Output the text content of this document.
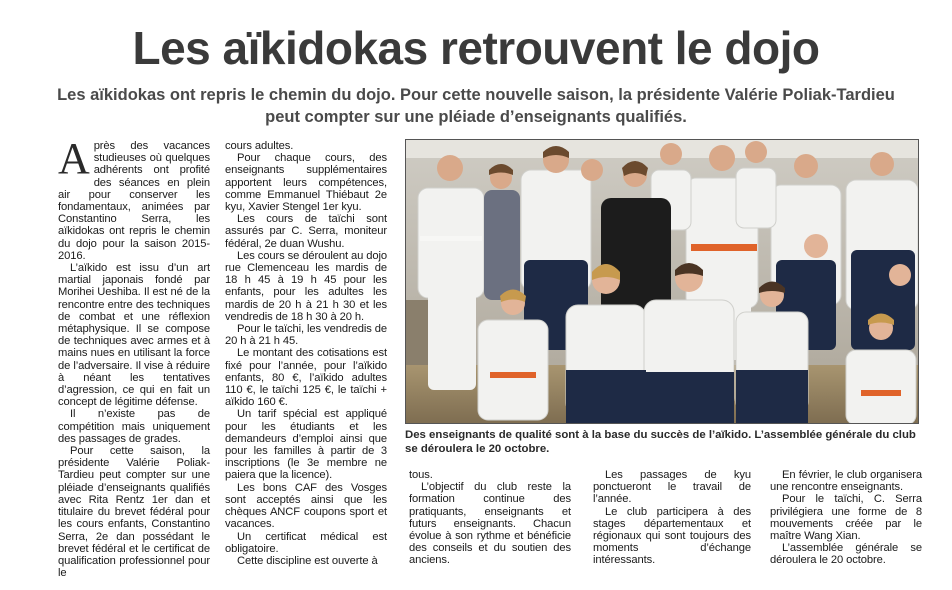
Les aïkidokas retrouvent le dojo
Les aïkidokas ont repris le chemin du dojo. Pour cette nouvelle saison, la présidente Valérie Poliak-Tardieu peut compter sur une pléiade d’enseignants qualifiés.
A près des vacances studieuses où quelques adhérents ont profité des séances en plein air pour conserver les fondamentaux, animées par Constantino Serra, les aïkidokas ont repris le chemin du dojo pour la saison 2015-2016.

L’aïkido est issu d’un art martial japonais fondé par Morihei Ueshiba. Il est né de la rencontre entre des techniques de combat et une réflexion métaphysique. Il se compose de techniques avec armes et à mains nues en utilisant la force de l’adversaire. Il vise à réduire à néant les tentatives d’agression, ce qui en fait un concept de légitime défense.

Il n’existe pas de compétition mais uniquement des passages de grades.

Pour cette saison, la présidente Valérie Poliak-Tardieu peut compter sur une pléiade d’enseignants qualifiés avec Rita Rentz 1er dan et titulaire du brevet fédéral pour les cours enfants, Constantino Serra, 2e dan possédant le brevet fédéral et le certificat de qualification professionnel pour le

cours adultes.

Pour chaque cours, des enseignants supplémentaires apportent leurs compétences, comme Emmanuel Thiébaut 2e kyu, Xavier Stengel 1er kyu.

Les cours de taïchi sont assurés par C. Serra, moniteur fédéral, 2e duan Wushu.

Les cours se déroulent au dojo rue Clemenceau les mardis de 18 h 45 à 19 h 45 pour les enfants, pour les adultes les mardis de 20 h à 21 h 30 et les vendredis de 18 h 30 à 20 h.

Pour le taïchi, les vendredis de 20 h à 21 h 45.

Le montant des cotisations est fixé pour l’année, pour l’aïkido enfants, 80 €, l’aïkido adultes 110 €, le taïchi 125 €, le taïchi + aïkido 160 €.

Un tarif spécial est appliqué pour les étudiants et les demandeurs d’emploi ainsi que pour les familles à partir de 3 inscriptions (le 3e membre ne paiera que la licence).

Les bons CAF des Vosges sont acceptés ainsi que les chèques ANCF coupons sport et vacances.

Un certificat médical est obligatoire.

Cette discipline est ouverte à

Des enseignants de qualité sont à la base du succès de l’aïkido. L’assemblée générale du club se déroulera le 20 octobre.

tous.

L’objectif du club reste la formation continue des pratiquants, enseignants et futurs enseignants. Chacun évolue à son rythme et bénéficie des conseils et du soutien des anciens.

Les passages de kyu ponctueront le travail de l’année.

Le club participera à des stages départementaux et régionaux qui sont toujours des moments d’échange intéressants.

En février, le club organisera une rencontre enseignants.

Pour le taïchi, C. Serra privilégiera une forme de 8 mouvements créée par le maître Wang Xian.

L’assemblée générale se déroulera le 20 octobre.
